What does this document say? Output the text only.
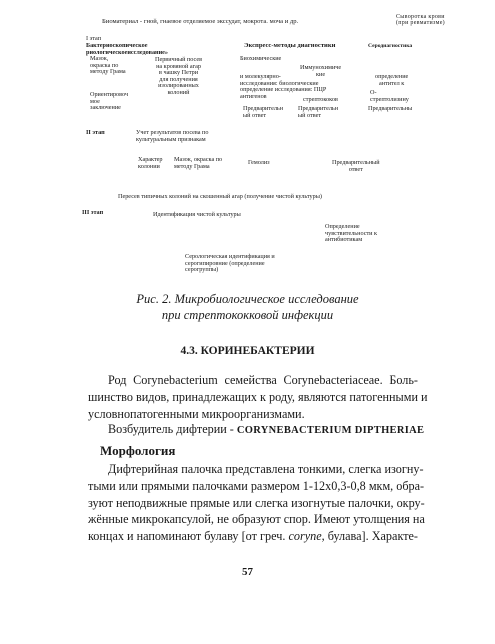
Биоматериал - гной, гнаевое отделяемое экссудат, мокрота. моча и др.
Сыворотка крови
(при ревматизме)
I этап
Бактериоскопическое
риологическоеисследование»
Экспресс-методы диагностики	Серодиагностика
Мазок,
окраска по
методу Грама
Первичный посев
на кровяной агар
в чашку Петри
для получения
изолированных
колоний
Биохимические
Иммунохимиче
кие
и молекулярно-
исследования: биологические
определение исследования: ПЦР
антигенов	стрептококов
Предварительн
ый ответ
Предварительн
ый ответ
определение
антител к
О-
стрептолизину
Предварительны
Ориентировоч
мое
заключение
II этап	Учет результатов посева по
культуральным признакам
Характер
колонии
Мазок, окраска по
методу Грама	Гемолиз	Предварительный
ответ
Пересев типичных колоний на скошенный агар (получение чистой культуры)
III этап	Идентификация чистой культуры
Определение
чувствительности к
антибиотикам
Серологическая идентификация и
серогипировние (определение
серогруппы)
Рис. 2. Микробиологическое исследование
при стрептококковой инфекции
4.3. КОРИНЕБАКТЕРИИ
Род Corynebacterium семейства Corynebacteriaceae. Боль-
шинство видов, принадлежащих к роду, являются патогенными и
условнопатогенными микроорганизмами.
Возбудитель дифтерии - CORYNEBACTERIUM DIPTHERIAE
Морфология
Дифтерийная палочка представлена тонкими, слегка изогну-
тыми или прямыми палочками размером 1-12х0,3-0,8 мкм, обра-
зуют неподвижные прямые или слегка изогнутые палочки, окру-
жённые микрокапсулой, не образуют спор. Имеют утолщения на
концах и напоминают булаву [от греч. corупе, булава]. Характе-
57
